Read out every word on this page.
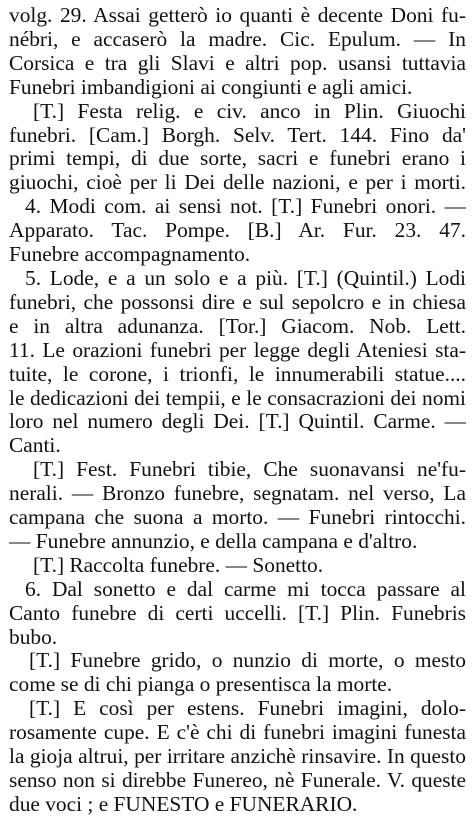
volg. 29. Assai getterò io quanti è decente Doni fu-
nébri, e accaserò la madre. Cic. Epulum. — In
Corsica e tra gli Slavi e altri pop. usansi tuttavia
Funebri imbandigioni ai congiunti e agli amici.
[T.] Festa relig. e civ. anco in Plin. Giuochi
funebri. [Cam.] Borgh. Selv. Tert. 144. Fino da'
primi tempi, di due sorte, sacri e funebri erano i
giuochi, cioè per li Dei delle nazioni, e per i morti.
4. Modi com. ai sensi not. [T.] Funebri onori. —
Apparato. Tac. Pompe. [B.] Ar. Fur. 23. 47.
Funebre accompagnamento.
5. Lode, e a un solo e a più. [T.] (Quintil.) Lodi
funebri, che possonsi dire e sul sepolcro e in chiesa
e in altra adunanza. [Tor.] Giacom. Nob. Lett.
11. Le orazioni funebri per legge degli Ateniesi sta-
tuite, le corone, i trionfi, le innumerabili statue....
le dedicazioni dei tempii, e le consacrazioni dei nomi
loro nel numero degli Dei. [T.] Quintil. Carme. —
Canti.
[T.] Fest. Funebri tibie, Che suonavansi ne'fu-
nerali. — Bronzo funebre, segnatam. nel verso, La
campana che suona a morto. — Funebri rintocchi.
— Funebre annunzio, e della campana e d'altro.
[T.] Raccolta funebre. — Sonetto.
6. Dal sonetto e dal carme mi tocca passare al
Canto funebre di certi uccelli. [T.] Plin. Funebris
bubo.
[T.] Funebre grido, o nunzio di morte, o mesto
come se di chi pianga o presentisca la morte.
[T.] E così per estens. Funebri imagini, dolo-
rosamente cupe. E c'è chi di funebri imagini funesta
la gioja altrui, per irritare anzichè rinsavire. In questo
senso non si direbbe Funereo, nè Funerale. V. queste
due voci ; e FUNESTO e FUNERARIO.
